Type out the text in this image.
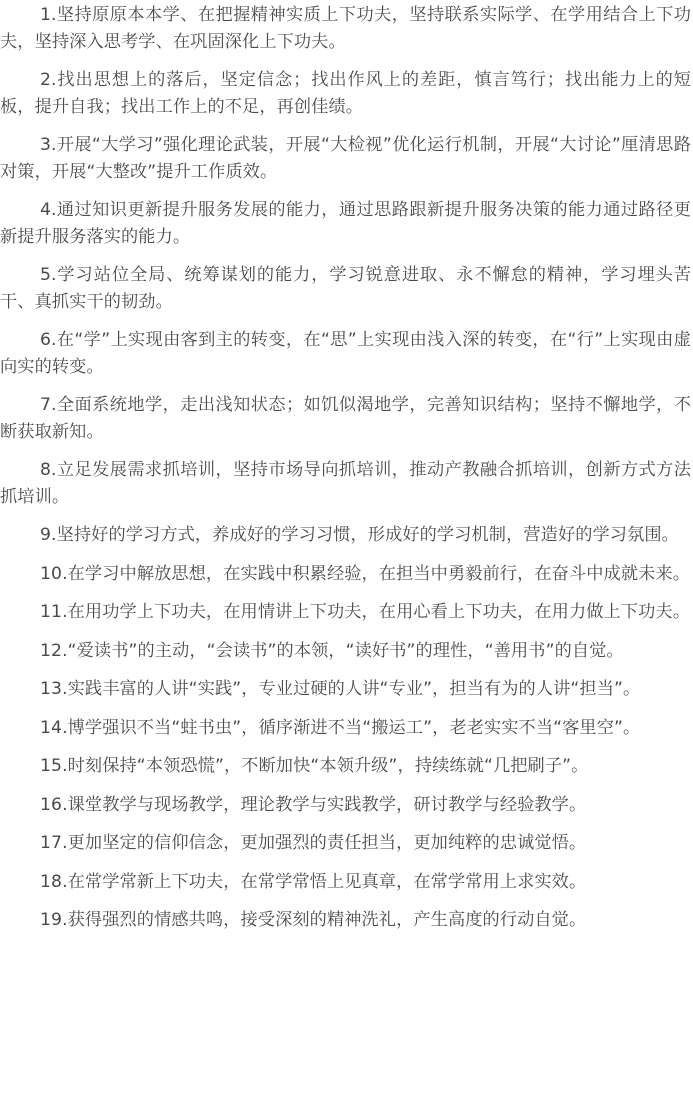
1.坚持原原本本学、在把握精神实质上下功夫，坚持联系实际学、在学用结合上下功夫，坚持深入思考学、在巩固深化上下功夫。

2.找出思想上的落后，坚定信念；找出作风上的差距，慎言笃行；找出能力上的短板，提升自我；找出工作上的不足，再创佳绩。

3.开展“大学习”强化理论武装，开展“大检视”优化运行机制，开展“大讨论”厘清思路对策，开展“大整改”提升工作质效。

4.通过知识更新提升服务发展的能力，通过思路跟新提升服务决策的能力通过路径更新提升服务落实的能力。

5.学习站位全局、统筹谋划的能力，学习锐意进取、永不懈怠的精神，学习埋头苦干、真抓实干的韧劲。

6.在“学”上实现由客到主的转变，在“思”上实现由浅入深的转变，在“行”上实现由虚向实的转变。

7.全面系统地学，走出浅知状态；如饥似渴地学，完善知识结构；坚持不懈地学，不断获取新知。

8.立足发展需求抓培训，坚持市场导向抓培训，推动产教融合抓培训，创新方式方法抓培训。

9.坚持好的学习方式，养成好的学习习惯，形成好的学习机制，营造好的学习氛围。

10.在学习中解放思想，在实践中积累经验，在担当中勇毅前行，在奋斗中成就未来。

11.在用功学上下功夫，在用情讲上下功夫，在用心看上下功夫，在用力做上下功夫。

12.“爱读书”的主动，“会读书”的本领，“读好书”的理性，“善用书”的自觉。

13.实践丰富的人讲“实践”，专业过硬的人讲“专业”，担当有为的人讲“担当”。

14.博学强识不当“蛀书虫”，循序渐进不当“搬运工”，老老实实不当“客里空”。

15.时刻保持“本领恐慌”，不断加快“本领升级”，持续练就“几把刷子”。

16.课堂教学与现场教学，理论教学与实践教学，研讨教学与经验教学。

17.更加坚定的信仰信念，更加强烈的责任担当，更加纯粹的忠诚觉悟。

18.在常学常新上下功夫，在常学常悟上见真章，在常学常用上求实效。

19.获得强烈的情感共鸣，接受深刻的精神洗礼，产生高度的行动自觉。
